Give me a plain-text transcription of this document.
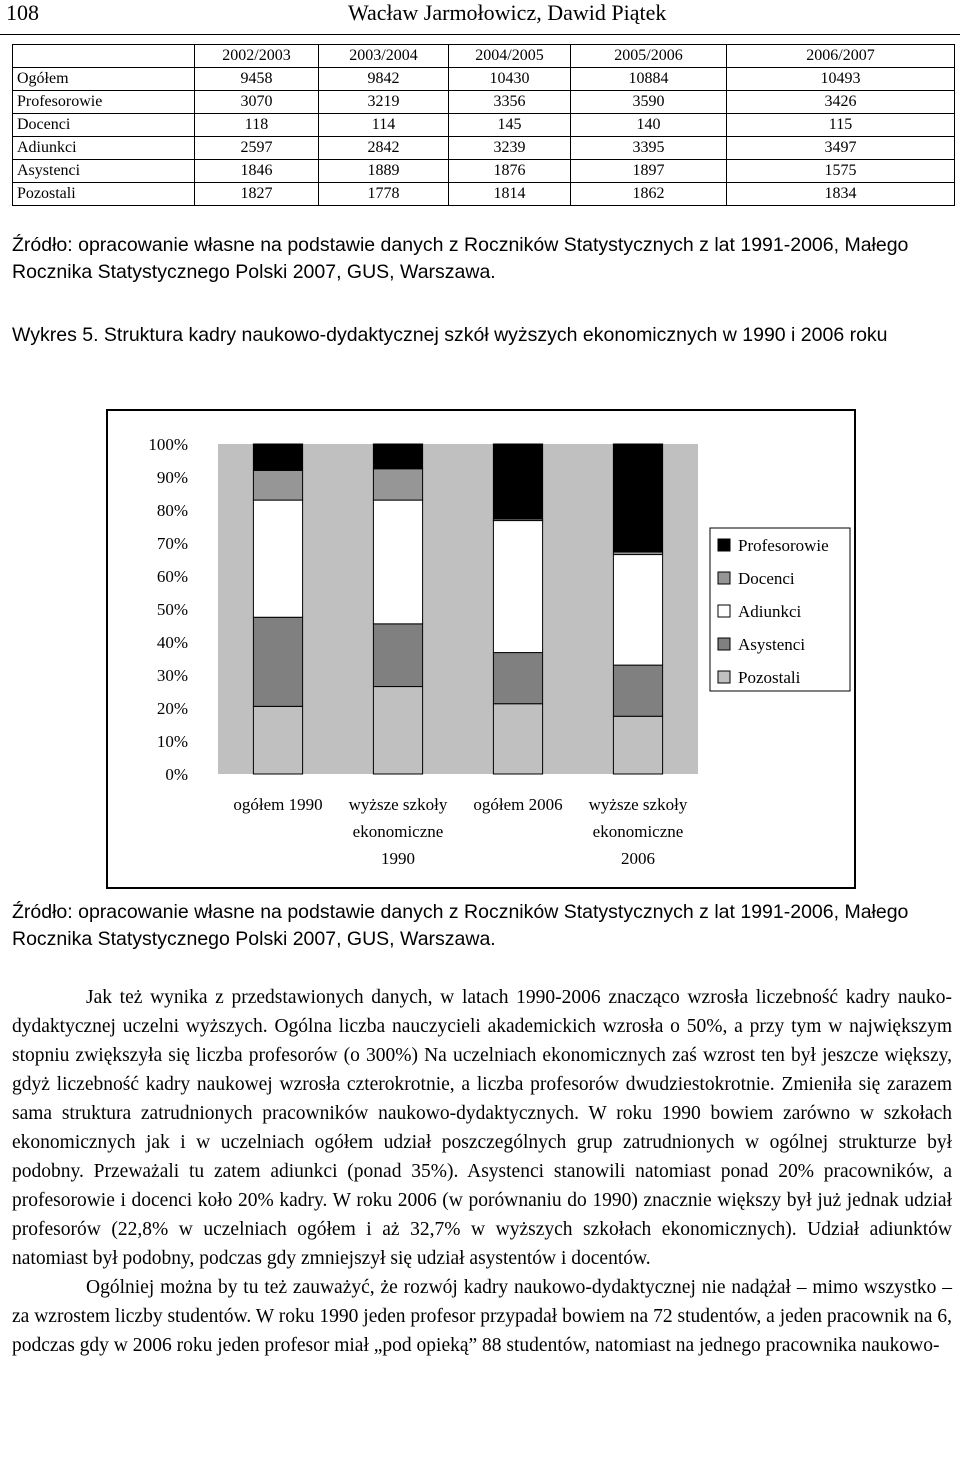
108	Wacław Jarmołowicz, Dawid Piątek
	2002/2003	2003/2004	2004/2005	2005/2006	2006/2007
Ogółem	9458	9842	10430	10884	10493
Profesorowie	3070	3219	3356	3590	3426
Docenci	118	114	145	140	115
Adiunkci	2597	2842	3239	3395	3497
Asystenci	1846	1889	1876	1897	1575
Pozostali	1827	1778	1814	1862	1834
Źródło: opracowanie własne na podstawie danych z Roczników Statystycznych z lat 1991-2006, Małego Rocznika Statystycznego Polski 2007, GUS, Warszawa.
Wykres 5. Struktura kadry naukowo-dydaktycznej szkół wyższych ekonomicznych w 1990 i 2006 roku
0%
10%
20%
30%
40%
50%
60%
70%
80%
90%
100%
ogółem 1990 wyższe szkoły
ekonomiczne
1990
ogółem 2006 wyższe szkoły
ekonomiczne
2006
Profesorowie
Docenci
Adiunkci
Asystenci
Pozostali
Źródło: opracowanie własne na podstawie danych z Roczników Statystycznych z lat 1991-2006, Małego Rocznika Statystycznego Polski 2007, GUS, Warszawa.

Jak też wynika z przedstawionych danych, w latach 1990-2006 znacząco wzrosła liczebność kadry nauko-dydaktycznej uczelni wyższych. Ogólna liczba nauczycieli akademickich wzrosła o 50%, a przy tym w największym stopniu zwiększyła się liczba profesorów (o 300%) Na uczelniach ekonomicznych zaś wzrost ten był jeszcze większy, gdyż liczebność kadry naukowej wzrosła czterokrotnie, a liczba profesorów dwudziestokrotnie. Zmieniła się zarazem sama struktura zatrudnionych pracowników naukowo-dydaktycznych. W roku 1990 bowiem zarówno w szkołach ekonomicznych jak i w uczelniach ogółem udział poszczególnych grup zatrudnionych w ogólnej strukturze był podobny. Przeważali tu zatem adiunkci (ponad 35%). Asystenci stanowili natomiast ponad 20% pracowników, a profesorowie i docenci koło 20% kadry. W roku 2006 (w porównaniu do 1990) znacznie większy był już jednak udział profesorów (22,8% w uczelniach ogółem i aż 32,7% w wyższych szkołach ekonomicznych). Udział adiunktów natomiast był podobny, podczas gdy zmniejszył się udział asystentów i docentów.

Ogólniej można by tu też zauważyć, że rozwój kadry naukowo-dydaktycznej nie nadążał – mimo wszystko – za wzrostem liczby studentów. W roku 1990 jeden profesor przypadał bowiem na 72 studentów, a jeden pracownik na 6, podczas gdy w 2006 roku jeden profesor miał „pod opieką” 88 studentów, natomiast na jednego pracownika naukowo-
